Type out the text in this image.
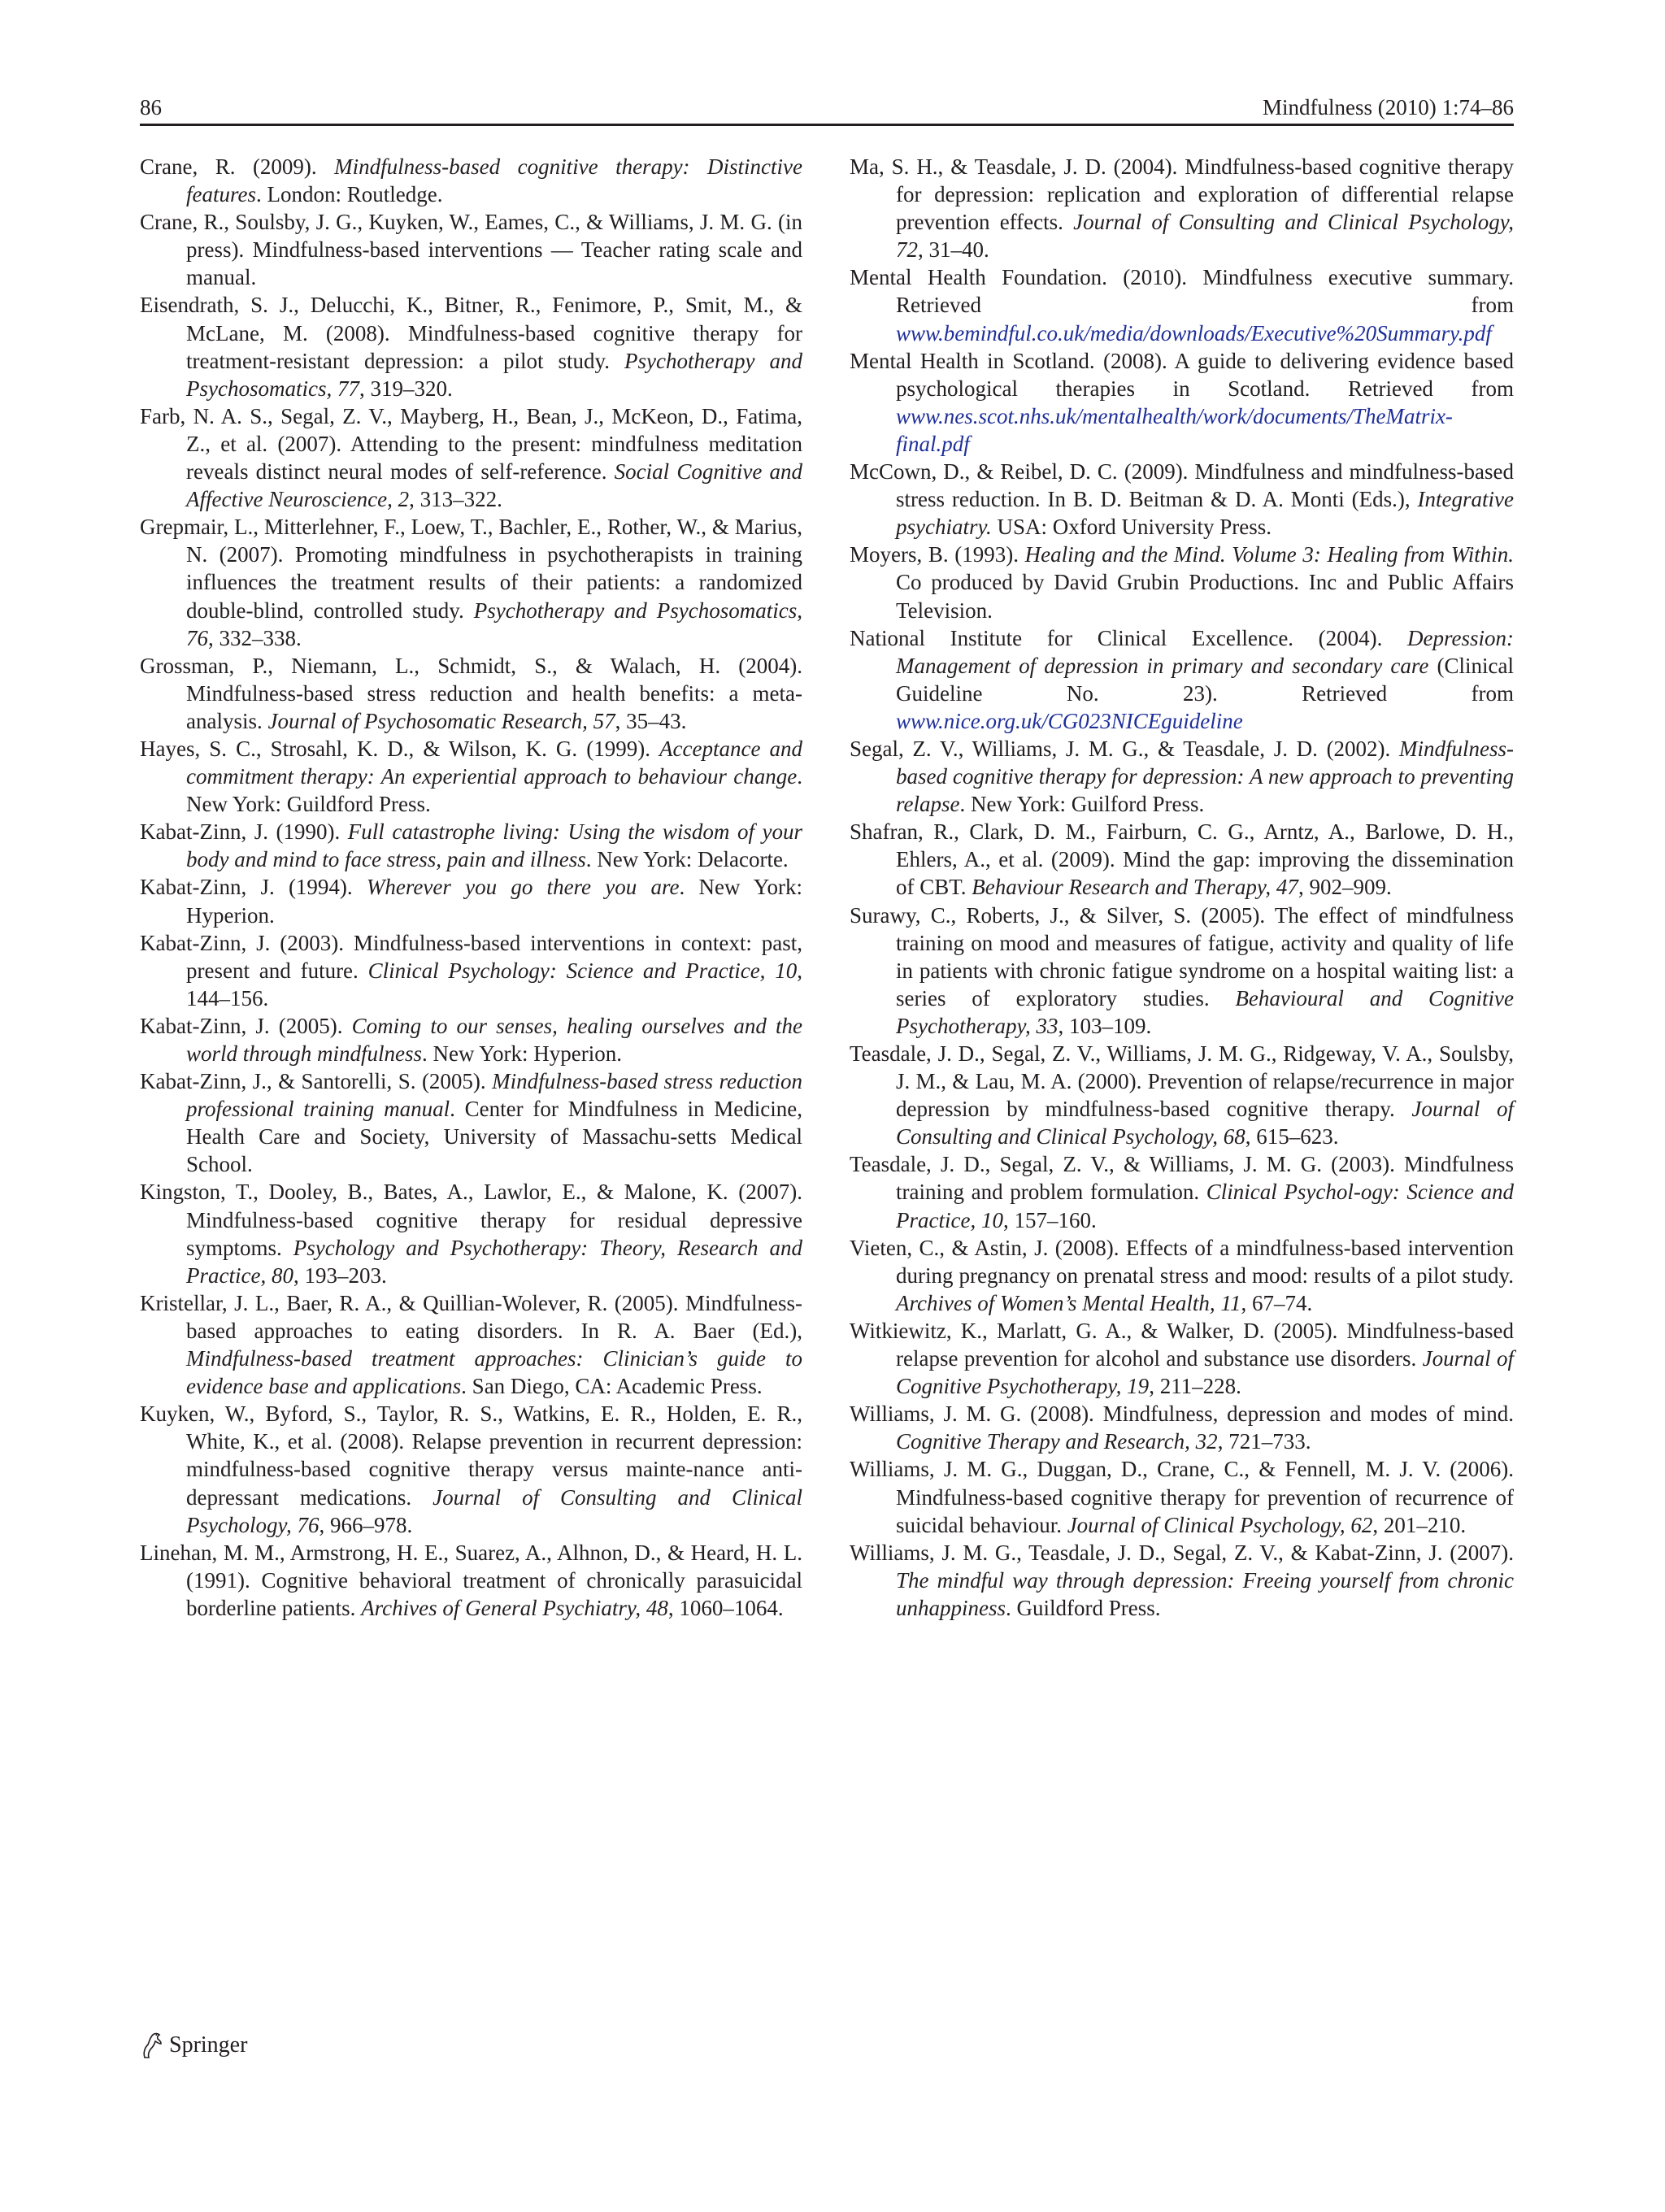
86	Mindfulness (2010) 1:74–86

Crane, R. (2009). Mindfulness-based cognitive therapy: Distinctive features. London: Routledge.

Crane, R., Soulsby, J. G., Kuyken, W., Eames, C., & Williams, J. M. G. (in press). Mindfulness-based interventions — Teacher rating scale and manual.

Eisendrath, S. J., Delucchi, K., Bitner, R., Fenimore, P., Smit, M., & McLane, M. (2008). Mindfulness-based cognitive therapy for treatment-resistant depression: a pilot study. Psychotherapy and Psychosomatics, 77, 319–320.

Farb, N. A. S., Segal, Z. V., Mayberg, H., Bean, J., McKeon, D., Fatima, Z., et al. (2007). Attending to the present: mindfulness meditation reveals distinct neural modes of self-reference. Social Cognitive and Affective Neuroscience, 2, 313–322.

Grepmair, L., Mitterlehner, F., Loew, T., Bachler, E., Rother, W., & Marius, N. (2007). Promoting mindfulness in psychotherapists in training influences the treatment results of their patients: a randomized double-blind, controlled study. Psychotherapy and Psychosomatics, 76, 332–338.

Grossman, P., Niemann, L., Schmidt, S., & Walach, H. (2004). Mindfulness-based stress reduction and health benefits: a meta-analysis. Journal of Psychosomatic Research, 57, 35–43.

Hayes, S. C., Strosahl, K. D., & Wilson, K. G. (1999). Acceptance and commitment therapy: An experiential approach to behaviour change. New York: Guildford Press.

Kabat-Zinn, J. (1990). Full catastrophe living: Using the wisdom of your body and mind to face stress, pain and illness. New York: Delacorte.

Kabat-Zinn, J. (1994). Wherever you go there you are. New York: Hyperion.

Kabat-Zinn, J. (2003). Mindfulness-based interventions in context: past, present and future. Clinical Psychology: Science and Practice, 10, 144–156.

Kabat-Zinn, J. (2005). Coming to our senses, healing ourselves and the world through mindfulness. New York: Hyperion.

Kabat-Zinn, J., & Santorelli, S. (2005). Mindfulness-based stress reduction professional training manual. Center for Mindfulness in Medicine, Health Care and Society, University of Massachu-setts Medical School.

Kingston, T., Dooley, B., Bates, A., Lawlor, E., & Malone, K. (2007). Mindfulness-based cognitive therapy for residual depressive symptoms. Psychology and Psychotherapy: Theory, Research and Practice, 80, 193–203.

Kristellar, J. L., Baer, R. A., & Quillian-Wolever, R. (2005). Mindfulness-based approaches to eating disorders. In R. A. Baer (Ed.), Mindfulness-based treatment approaches: Clinician’s guide to evidence base and applications. San Diego, CA: Academic Press.

Kuyken, W., Byford, S., Taylor, R. S., Watkins, E. R., Holden, E. R., White, K., et al. (2008). Relapse prevention in recurrent depression: mindfulness-based cognitive therapy versus mainte-nance anti-depressant medications. Journal of Consulting and Clinical Psychology, 76, 966–978.

Linehan, M. M., Armstrong, H. E., Suarez, A., Alhnon, D., & Heard, H. L. (1991). Cognitive behavioral treatment of chronically parasuicidal borderline patients. Archives of General Psychiatry, 48, 1060–1064.

Ma, S. H., & Teasdale, J. D. (2004). Mindfulness-based cognitive therapy for depression: replication and exploration of differential relapse prevention effects. Journal of Consulting and Clinical Psychology, 72, 31–40.

Mental Health Foundation. (2010). Mindfulness executive summary. Retrieved from www.bemindful.co.uk/media/downloads/Executive%20Summary.pdf

Mental Health in Scotland. (2008). A guide to delivering evidence based psychological therapies in Scotland. Retrieved from www.nes.scot.nhs.uk/mentalhealth/work/documents/TheMatrix-final.pdf

McCown, D., & Reibel, D. C. (2009). Mindfulness and mindfulness-based stress reduction. In B. D. Beitman & D. A. Monti (Eds.), Integrative psychiatry. USA: Oxford University Press.

Moyers, B. (1993). Healing and the Mind. Volume 3: Healing from Within. Co produced by David Grubin Productions. Inc and Public Affairs Television.

National Institute for Clinical Excellence. (2004). Depression: Management of depression in primary and secondary care (Clinical Guideline No. 23). Retrieved from www.nice.org.uk/CG023NICEguideline

Segal, Z. V., Williams, J. M. G., & Teasdale, J. D. (2002). Mindfulness-based cognitive therapy for depression: A new approach to preventing relapse. New York: Guilford Press.

Shafran, R., Clark, D. M., Fairburn, C. G., Arntz, A., Barlowe, D. H., Ehlers, A., et al. (2009). Mind the gap: improving the dissemination of CBT. Behaviour Research and Therapy, 47, 902–909.

Surawy, C., Roberts, J., & Silver, S. (2005). The effect of mindfulness training on mood and measures of fatigue, activity and quality of life in patients with chronic fatigue syndrome on a hospital waiting list: a series of exploratory studies. Behavioural and Cognitive Psychotherapy, 33, 103–109.

Teasdale, J. D., Segal, Z. V., Williams, J. M. G., Ridgeway, V. A., Soulsby, J. M., & Lau, M. A. (2000). Prevention of relapse/recurrence in major depression by mindfulness-based cognitive therapy. Journal of Consulting and Clinical Psychology, 68, 615–623.

Teasdale, J. D., Segal, Z. V., & Williams, J. M. G. (2003). Mindfulness training and problem formulation. Clinical Psychol-ogy: Science and Practice, 10, 157–160.

Vieten, C., & Astin, J. (2008). Effects of a mindfulness-based intervention during pregnancy on prenatal stress and mood: results of a pilot study. Archives of Women’s Mental Health, 11, 67–74.

Witkiewitz, K., Marlatt, G. A., & Walker, D. (2005). Mindfulness-based relapse prevention for alcohol and substance use disorders. Journal of Cognitive Psychotherapy, 19, 211–228.

Williams, J. M. G. (2008). Mindfulness, depression and modes of mind. Cognitive Therapy and Research, 32, 721–733.

Williams, J. M. G., Duggan, D., Crane, C., & Fennell, M. J. V. (2006). Mindfulness-based cognitive therapy for prevention of recurrence of suicidal behaviour. Journal of Clinical Psychology, 62, 201–210.

Williams, J. M. G., Teasdale, J. D., Segal, Z. V., & Kabat-Zinn, J. (2007). The mindful way through depression: Freeing yourself from chronic unhappiness. Guildford Press.

Springer
